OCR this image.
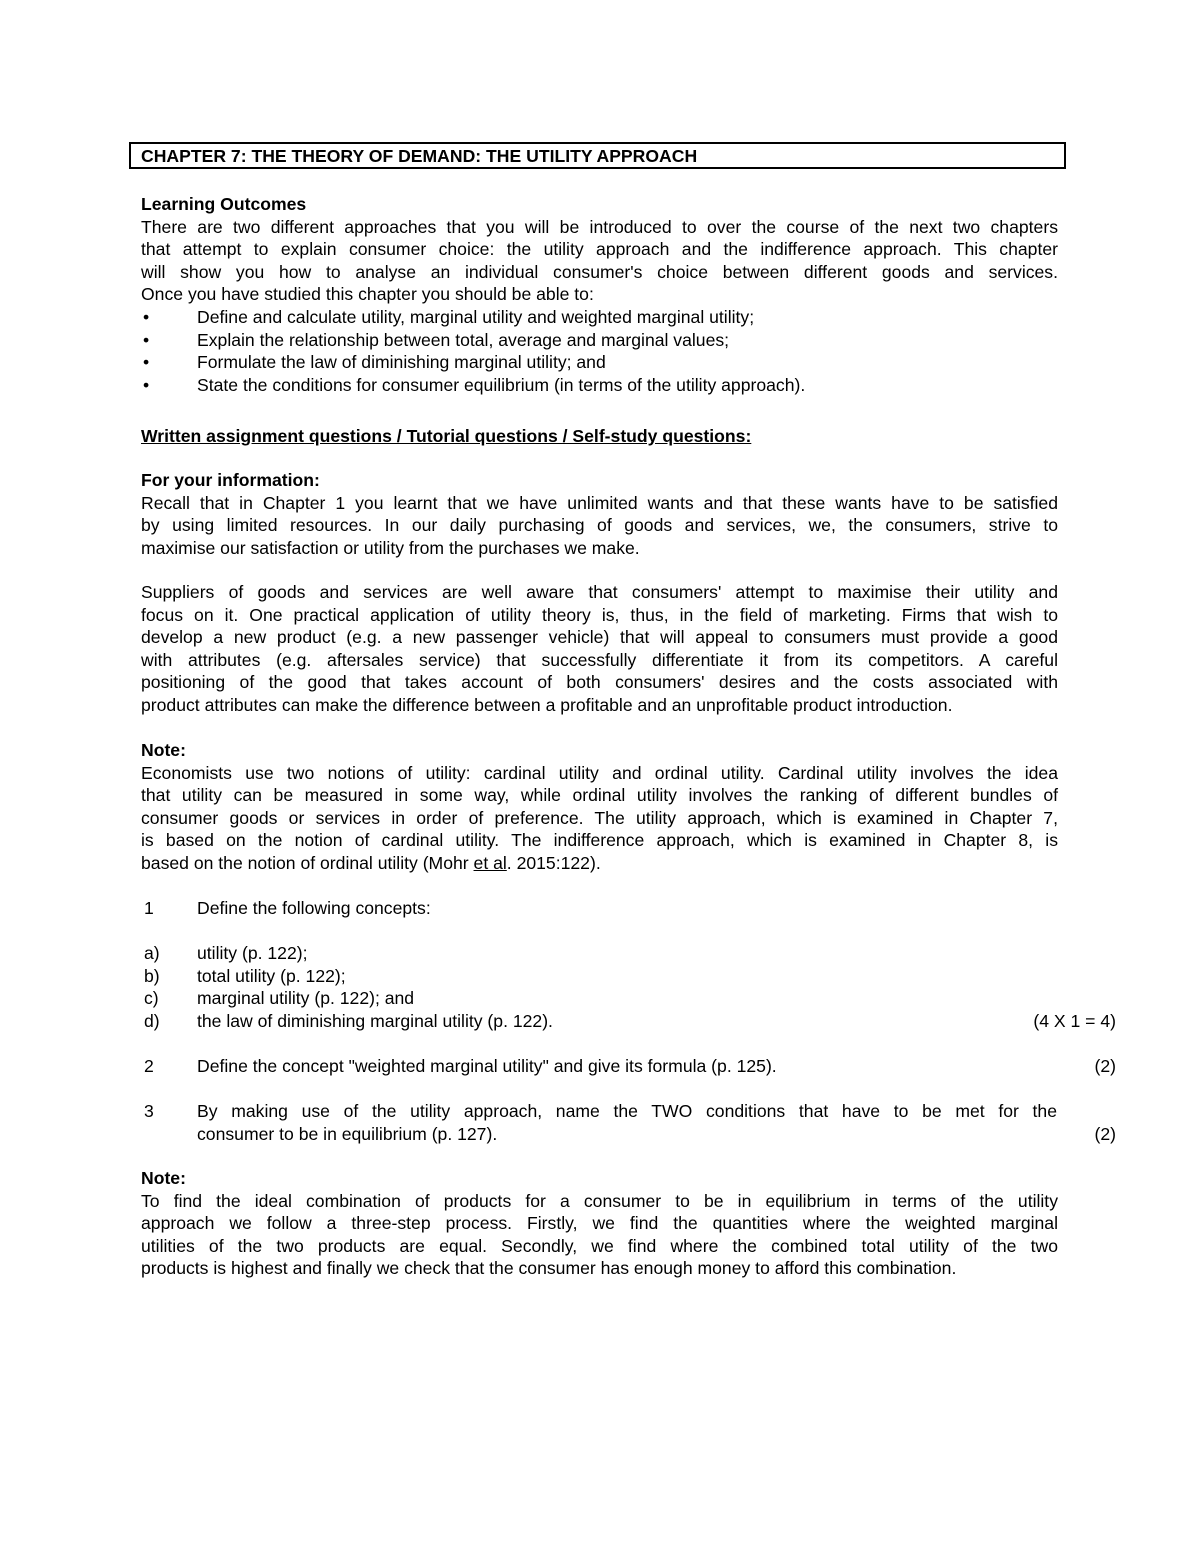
CHAPTER 7: THE THEORY OF DEMAND: THE UTILITY APPROACH
Learning Outcomes
There are two different approaches that you will be introduced to over the course of the next two chapters
that attempt to explain consumer choice: the utility approach and the indifference approach. This chapter
will show you how to analyse an individual consumer's choice between different goods and services.
Once you have studied this chapter you should be able to:
•	Define and calculate utility, marginal utility and weighted marginal utility;
•	Explain the relationship between total, average and marginal values;
•	Formulate the law of diminishing marginal utility; and
•	State the conditions for consumer equilibrium (in terms of the utility approach).
Written assignment questions / Tutorial questions / Self-study questions:
For your information:
Recall that in Chapter 1 you learnt that we have unlimited wants and that these wants have to be satisfied
by using limited resources. In our daily purchasing of goods and services, we, the consumers, strive to
maximise our satisfaction or utility from the purchases we make.
Suppliers of goods and services are well aware that consumers' attempt to maximise their utility and
focus on it. One practical application of utility theory is, thus, in the field of marketing. Firms that wish to
develop a new product (e.g. a new passenger vehicle) that will appeal to consumers must provide a good
with attributes (e.g. aftersales service) that successfully differentiate it from its competitors. A careful
positioning of the good that takes account of both consumers' desires and the costs associated with
product attributes can make the difference between a profitable and an unprofitable product introduction.
Note:
Economists use two notions of utility: cardinal utility and ordinal utility. Cardinal utility involves the idea
that utility can be measured in some way, while ordinal utility involves the ranking of different bundles of
consumer goods or services in order of preference. The utility approach, which is examined in Chapter 7,
is based on the notion of cardinal utility. The indifference approach, which is examined in Chapter 8, is
based on the notion of ordinal utility (Mohr et al. 2015:122).
1 Define the following concepts:
a) utility (p. 122);
b) total utility (p. 122);
c) marginal utility (p. 122); and
d) the law of diminishing marginal utility (p. 122).	(4 X 1 = 4)
2 Define the concept "weighted marginal utility" and give its formula (p. 125).	(2)
3 By making use of the utility approach, name the TWO conditions that have to be met for the
consumer to be in equilibrium (p. 127).	(2)
Note:
To find the ideal combination of products for a consumer to be in equilibrium in terms of the utility
approach we follow a three-step process. Firstly, we find the quantities where the weighted marginal
utilities of the two products are equal. Secondly, we find where the combined total utility of the two
products is highest and finally we check that the consumer has enough money to afford this combination.
